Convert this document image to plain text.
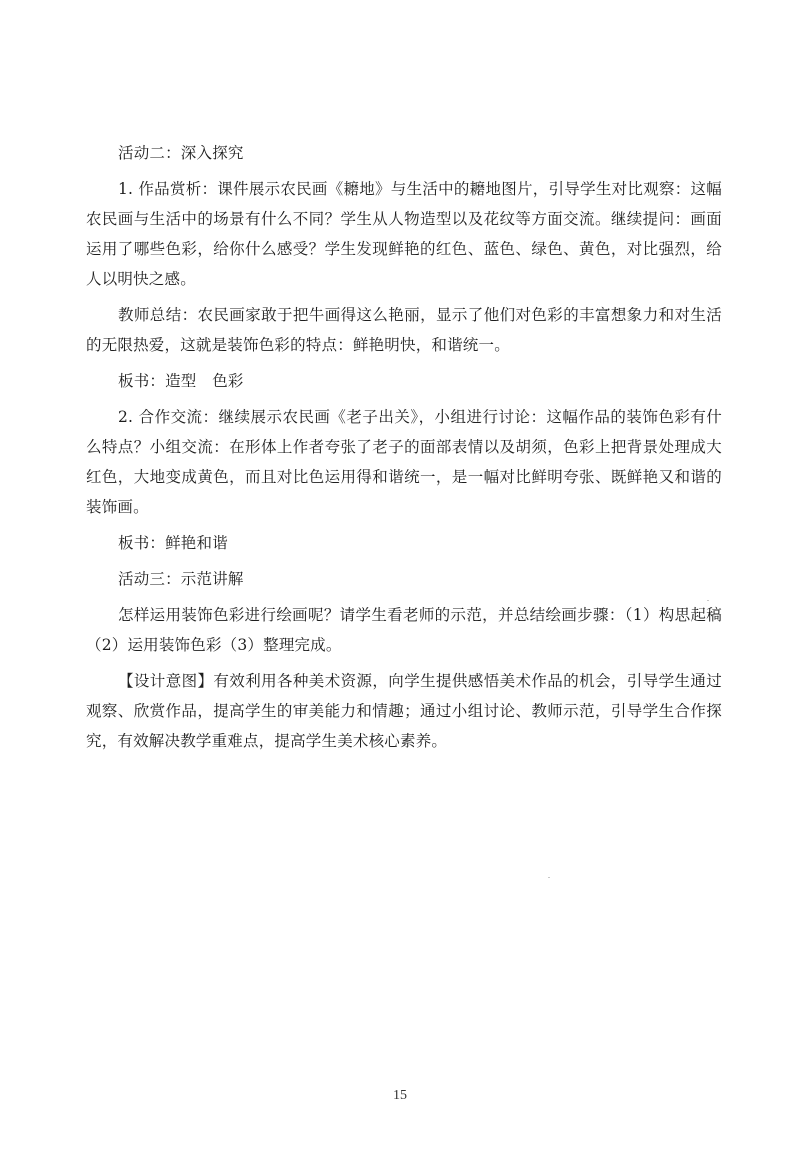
活动二：深入探究

1. 作品赏析：课件展示农民画《耱地》与生活中的耱地图片，引导学生对比观察：这幅农民画与生活中的场景有什么不同？学生从人物造型以及花纹等方面交流。继续提问：画面运用了哪些色彩，给你什么感受？学生发现鲜艳的红色、蓝色、绿色、黄色，对比强烈，给人以明快之感。

教师总结：农民画家敢于把牛画得这么艳丽，显示了他们对色彩的丰富想象力和对生活的无限热爱，这就是装饰色彩的特点：鲜艳明快，和谐统一。

板书：造型　色彩

2. 合作交流：继续展示农民画《老子出关》，小组进行讨论：这幅作品的装饰色彩有什么特点？小组交流：在形体上作者夸张了老子的面部表情以及胡须，色彩上把背景处理成大红色，大地变成黄色，而且对比色运用得和谐统一，是一幅对比鲜明夸张、既鲜艳又和谐的装饰画。

板书：鲜艳和谐

活动三：示范讲解

怎样运用装饰色彩进行绘画呢？请学生看老师的示范，并总结绘画步骤：（1）构思起稿（2）运用装饰色彩（3）整理完成。

【设计意图】有效利用各种美术资源，向学生提供感悟美术作品的机会，引导学生通过观察、欣赏作品，提高学生的审美能力和情趣；通过小组讨论、教师示范，引导学生合作探究，有效解决教学重难点，提高学生美术核心素养。

15
